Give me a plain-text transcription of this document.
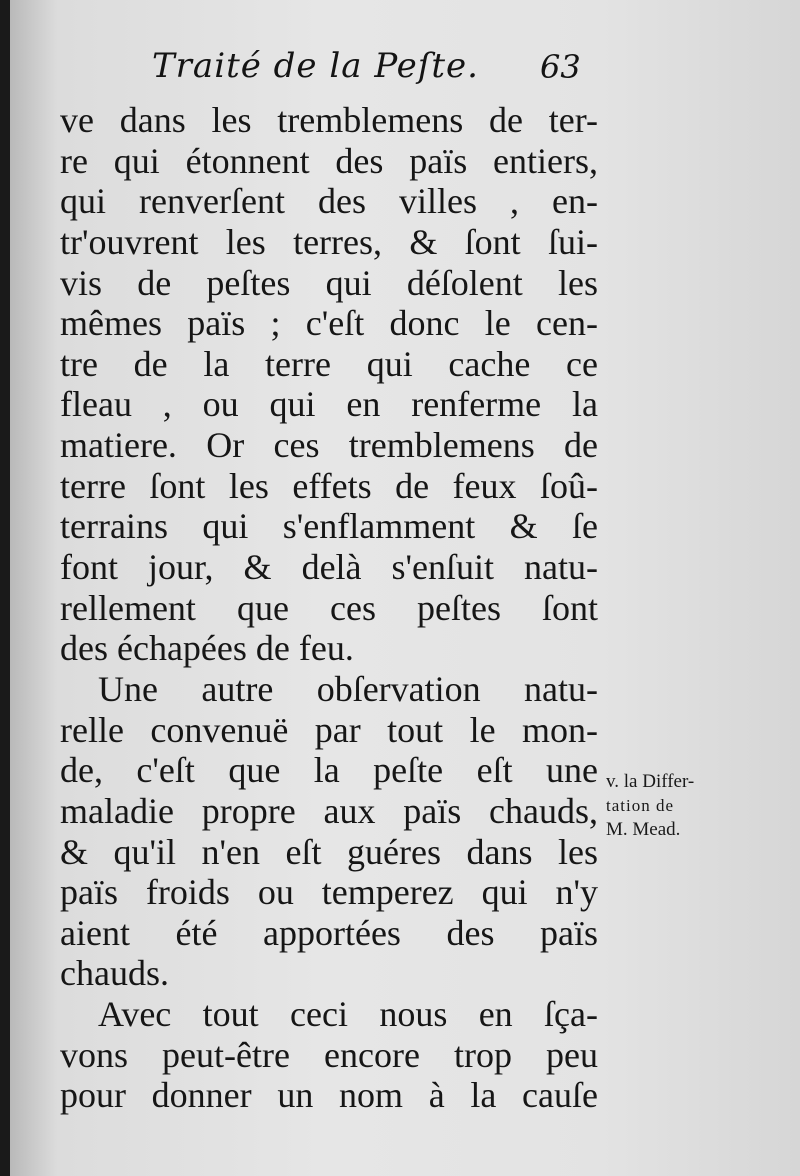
Traité de la Peſte. 63
ve dans les tremblemens de ter-
re qui étonnent des païs entiers,
qui renverſent des villes , en-
tr'ouvrent les terres, & ſont ſui-
vis de peſtes qui déſolent les
mêmes païs ; c'eſt donc le cen-
tre de la terre qui cache ce
fleau , ou qui en renferme la
matiere. Or ces tremblemens de
terre ſont les effets de feux ſoû-
terrains qui s'enflamment & ſe
font jour, & delà s'enſuit natu-
rellement que ces peſtes ſont
des échapées de feu.
Une autre obſervation natu-
relle convenuë par tout le mon-
de, c'eſt que la peſte eſt une
maladie propre aux païs chauds,
& qu'il n'en eſt guéres dans les
païs froids ou temperez qui n'y
aient été apportées des païs
chauds.
Avec tout ceci nous en ſça-
vons peut-être encore trop peu
pour donner un nom à la cauſe
v. la Differ-
tation de
M. Mead.
